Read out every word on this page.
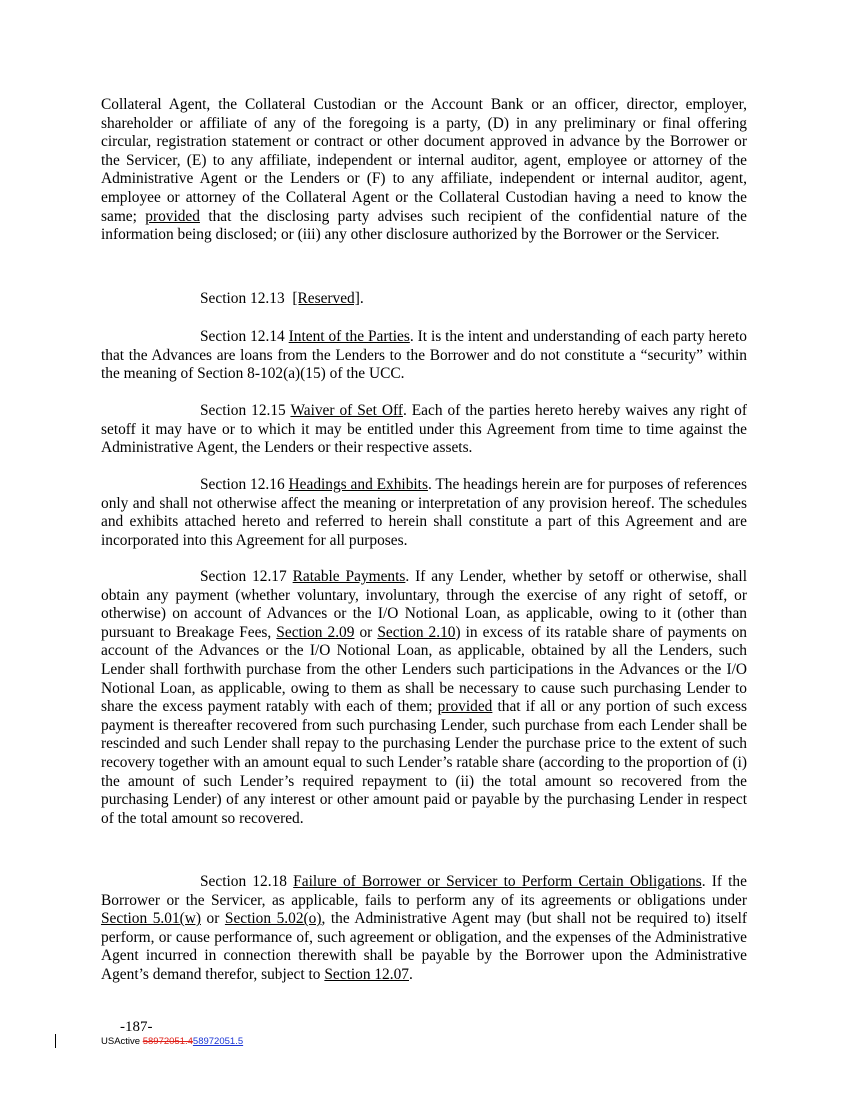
Collateral Agent, the Collateral Custodian or the Account Bank or an officer, director, employer, shareholder or affiliate of any of the foregoing is a party, (D) in any preliminary or final offering circular, registration statement or contract or other document approved in advance by the Borrower or the Servicer, (E) to any affiliate, independent or internal auditor, agent, employee or attorney of the Administrative Agent or the Lenders or (F) to any affiliate, independent or internal auditor, agent, employee or attorney of the Collateral Agent or the Collateral Custodian having a need to know the same; provided that the disclosing party advises such recipient of the confidential nature of the information being disclosed; or (iii) any other disclosure authorized by the Borrower or the Servicer.

Section 12.13 [Reserved].

Section 12.14 Intent of the Parties. It is the intent and understanding of each party hereto that the Advances are loans from the Lenders to the Borrower and do not constitute a “security” within the meaning of Section 8-102(a)(15) of the UCC.

Section 12.15 Waiver of Set Off. Each of the parties hereto hereby waives any right of setoff it may have or to which it may be entitled under this Agreement from time to time against the Administrative Agent, the Lenders or their respective assets.

Section 12.16 Headings and Exhibits. The headings herein are for purposes of references only and shall not otherwise affect the meaning or interpretation of any provision hereof. The schedules and exhibits attached hereto and referred to herein shall constitute a part of this Agreement and are incorporated into this Agreement for all purposes.

Section 12.17 Ratable Payments. If any Lender, whether by setoff or otherwise, shall obtain any payment (whether voluntary, involuntary, through the exercise of any right of setoff, or otherwise) on account of Advances or the I/O Notional Loan, as applicable, owing to it (other than pursuant to Breakage Fees, Section 2.09 or Section 2.10) in excess of its ratable share of payments on account of the Advances or the I/O Notional Loan, as applicable, obtained by all the Lenders, such Lender shall forthwith purchase from the other Lenders such participations in the Advances or the I/O Notional Loan, as applicable, owing to them as shall be necessary to cause such purchasing Lender to share the excess payment ratably with each of them; provided that if all or any portion of such excess payment is thereafter recovered from such purchasing Lender, such purchase from each Lender shall be rescinded and such Lender shall repay to the purchasing Lender the purchase price to the extent of such recovery together with an amount equal to such Lender’s ratable share (according to the proportion of (i) the amount of such Lender’s required repayment to (ii) the total amount so recovered from the purchasing Lender) of any interest or other amount paid or payable by the purchasing Lender in respect of the total amount so recovered.

Section 12.18 Failure of Borrower or Servicer to Perform Certain Obligations. If the Borrower or the Servicer, as applicable, fails to perform any of its agreements or obligations under Section 5.01(w) or Section 5.02(o), the Administrative Agent may (but shall not be required to) itself perform, or cause performance of, such agreement or obligation, and the expenses of the Administrative Agent incurred in connection therewith shall be payable by the Borrower upon the Administrative Agent’s demand therefor, subject to Section 12.07.

-187-
USActive 58972051.458972051.5
